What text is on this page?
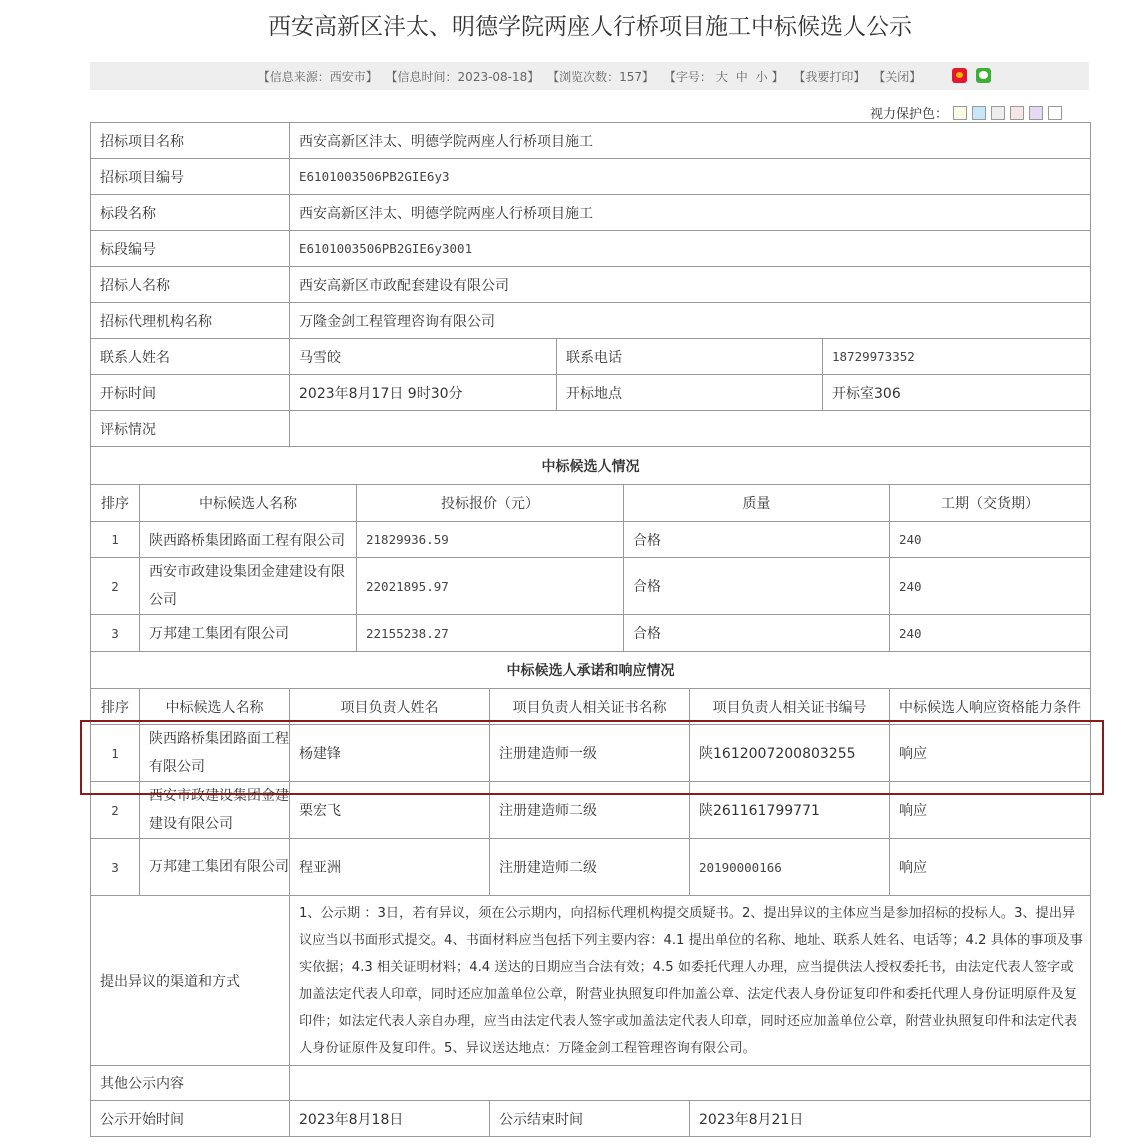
西安高新区沣太、明德学院两座人行桥项目施工中标候选人公示
【信息来源：西安市】 【信息时间：2023-08-18】 【浏览次数：157】 【字号： 大 中 小 】 【我要打印】 【关闭】
视力保护色：
招标项目名称	西安高新区沣太、明德学院两座人行桥项目施工		
招标项目编号	E6101003506PB2GIE6y3		
标段名称	西安高新区沣太、明德学院两座人行桥项目施工		
标段编号	E6101003506PB2GIE6y3001		
招标人名称	西安高新区市政配套建设有限公司		
招标代理机构名称	万隆金剑工程管理咨询有限公司		
联系人姓名	马雪皎	联系电话	18729973352
开标时间	2023年8月17日 9时30分	开标地点	开标室306
评标情况			
中标候选人情况			
排序	中标候选人名称	投标报价（元）	质量	工期（交货期）
1	陕西路桥集团路面工程有限公司	21829936.59	合格	240
2	西安市政建设集团金建建设有限公司	22021895.97	合格	240
3	万邦建工集团有限公司	22155238.27	合格	240
中标候选人承诺和响应情况				
排序	中标候选人名称	项目负责人姓名	项目负责人相关证书名称	项目负责人相关证书编号	中标候选人响应资格能力条件
1	陕西路桥集团路面工程有限公司	杨建锋	注册建造师一级	陕1612007200803255	响应
2	西安市政建设集团金建建设有限公司	栗宏飞	注册建造师二级	陕261161799771	响应
3	万邦建工集团有限公司	程亚洲	注册建造师二级	20190000166	响应
提出异议的渠道和方式		1、公示期 ：3日，若有异议，须在公示期内，向招标代理机构提交质疑书。2、提出异议的主体应当是参加招标的投标人。3、提出异议应当以书面形式提交。4、书面材料应当包括下列主要内容：4.1 提出单位的名称、地址、联系人姓名、电话等；4.2 具体的事项及事实依据；4.3 相关证明材料；4.4 送达的日期应当合法有效；4.5 如委托代理人办理，应当提供法人授权委托书，由法定代表人签字或加盖法定代表人印章，同时还应加盖单位公章，附营业执照复印件加盖公章、法定代表人身份证复印件和委托代理人身份证明原件及复印件；如法定代表人亲自办理，应当由法定代表人签字或加盖法定代表人印章，同时还应加盖单位公章，附营业执照复印件和法定代表人身份证原件及复印件。5、异议送达地点：万隆金剑工程管理咨询有限公司。			
其他公示内容					
公示开始时间		2023年8月18日	公示结束时间	2023年8月21日	
